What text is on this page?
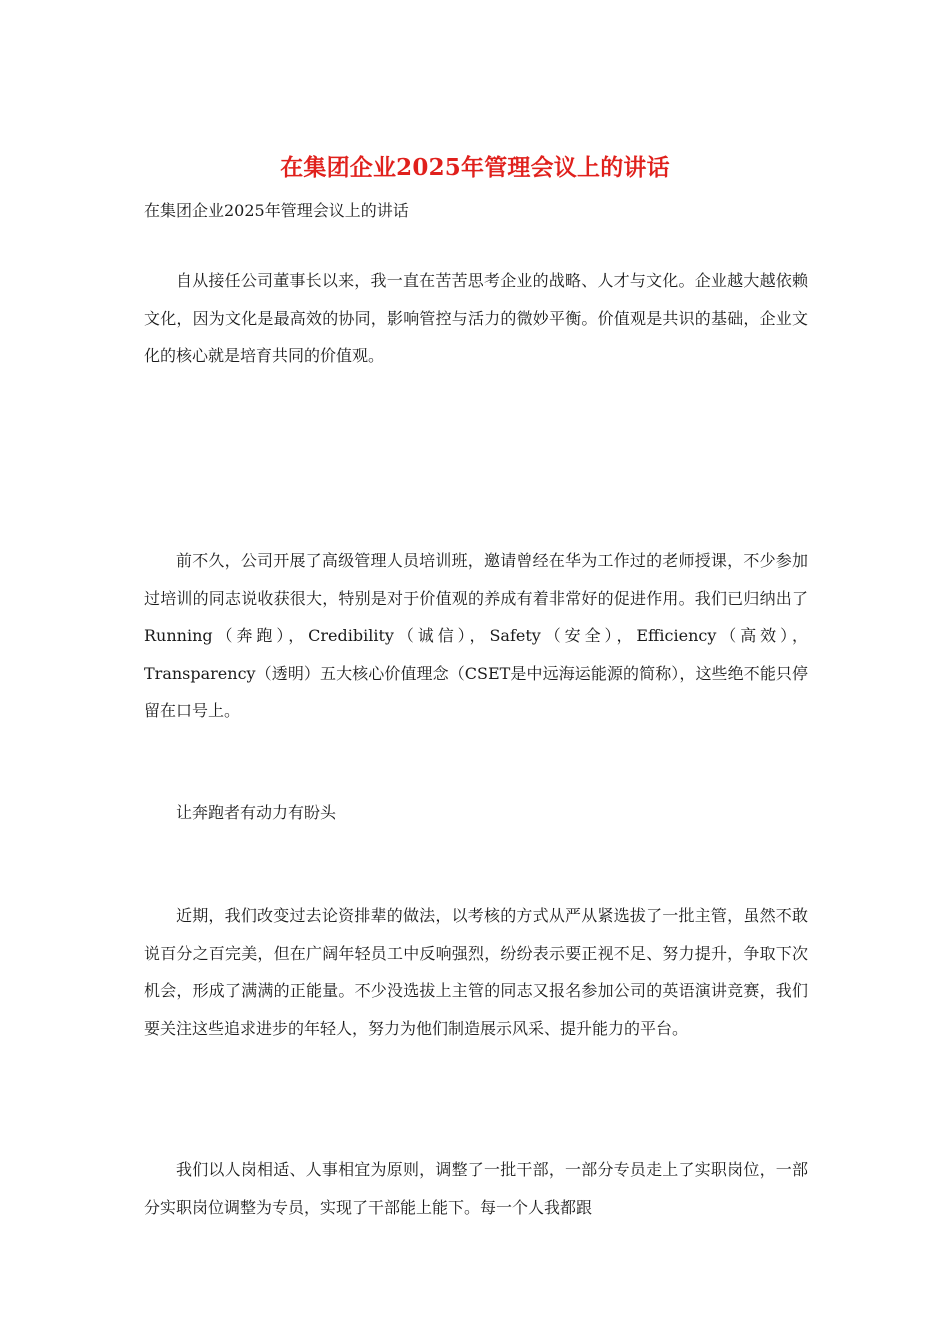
在集团企业2025年管理会议上的讲话

在集团企业2025年管理会议上的讲话

自从接任公司董事长以来，我一直在苦苦思考企业的战略、人才与文化。企业越大越依赖文化，因为文化是最高效的协同，影响管控与活力的微妙平衡。价值观是共识的基础，企业文化的核心就是培育共同的价值观。

前不久，公司开展了高级管理人员培训班，邀请曾经在华为工作过的老师授课，不少参加过培训的同志说收获很大，特别是对于价值观的养成有着非常好的促进作用。我们已归纳出了Running（奔跑），Credibility（诚信），Safety（安全），Efficiency（高效），Transparency（透明）五大核心价值理念（CSET是中远海运能源的简称），这些绝不能只停留在口号上。

让奔跑者有动力有盼头

近期，我们改变过去论资排辈的做法，以考核的方式从严从紧选拔了一批主管，虽然不敢说百分之百完美，但在广阔年轻员工中反响强烈，纷纷表示要正视不足、努力提升，争取下次机会，形成了满满的正能量。不少没选拔上主管的同志又报名参加公司的英语演讲竞赛，我们要关注这些追求进步的年轻人，努力为他们制造展示风采、提升能力的平台。

我们以人岗相适、人事相宜为原则，调整了一批干部，一部分专员走上了实职岗位，一部分实职岗位调整为专员，实现了干部能上能下。每一个人我都跟
